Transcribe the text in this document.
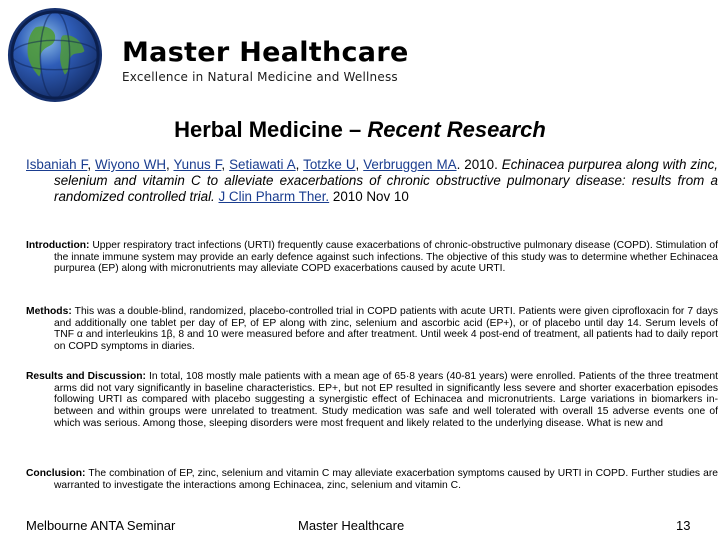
Master Healthcare
Excellence in Natural Medicine and Wellness
Herbal Medicine – Recent Research
Isbaniah F, Wiyono WH, Yunus F, Setiawati A, Totzke U, Verbruggen MA. 2010. Echinacea purpurea along with zinc, selenium and vitamin C to alleviate exacerbations of chronic obstructive pulmonary disease: results from a randomized controlled trial. J Clin Pharm Ther. 2010 Nov 10
Introduction: Upper respiratory tract infections (URTI) frequently cause exacerbations of chronic-obstructive pulmonary disease (COPD). Stimulation of the innate immune system may provide an early defence against such infections. The objective of this study was to determine whether Echinacea purpurea (EP) along with micronutrients may alleviate COPD exacerbations caused by acute URTI.
Methods: This was a double-blind, randomized, placebo-controlled trial in COPD patients with acute URTI. Patients were given ciprofloxacin for 7 days and additionally one tablet per day of EP, of EP along with zinc, selenium and ascorbic acid (EP+), or of placebo until day 14. Serum levels of TNF α and interleukins 1β, 8 and 10 were measured before and after treatment. Until week 4 post-end of treatment, all patients had to daily report on COPD symptoms in diaries.
Results and Discussion: In total, 108 mostly male patients with a mean age of 65·8 years (40-81 years) were enrolled. Patients of the three treatment arms did not vary significantly in baseline characteristics. EP+, but not EP resulted in significantly less severe and shorter exacerbation episodes following URTI as compared with placebo suggesting a synergistic effect of Echinacea and micronutrients. Large variations in biomarkers in-between and within groups were unrelated to treatment. Study medication was safe and well tolerated with overall 15 adverse events one of which was serious. Among those, sleeping disorders were most frequent and likely related to the underlying disease. What is new and
Conclusion: The combination of EP, zinc, selenium and vitamin C may alleviate exacerbation symptoms caused by URTI in COPD. Further studies are warranted to investigate the interactions among Echinacea, zinc, selenium and vitamin C.
Melbourne ANTA Seminar	Master Healthcare	13
